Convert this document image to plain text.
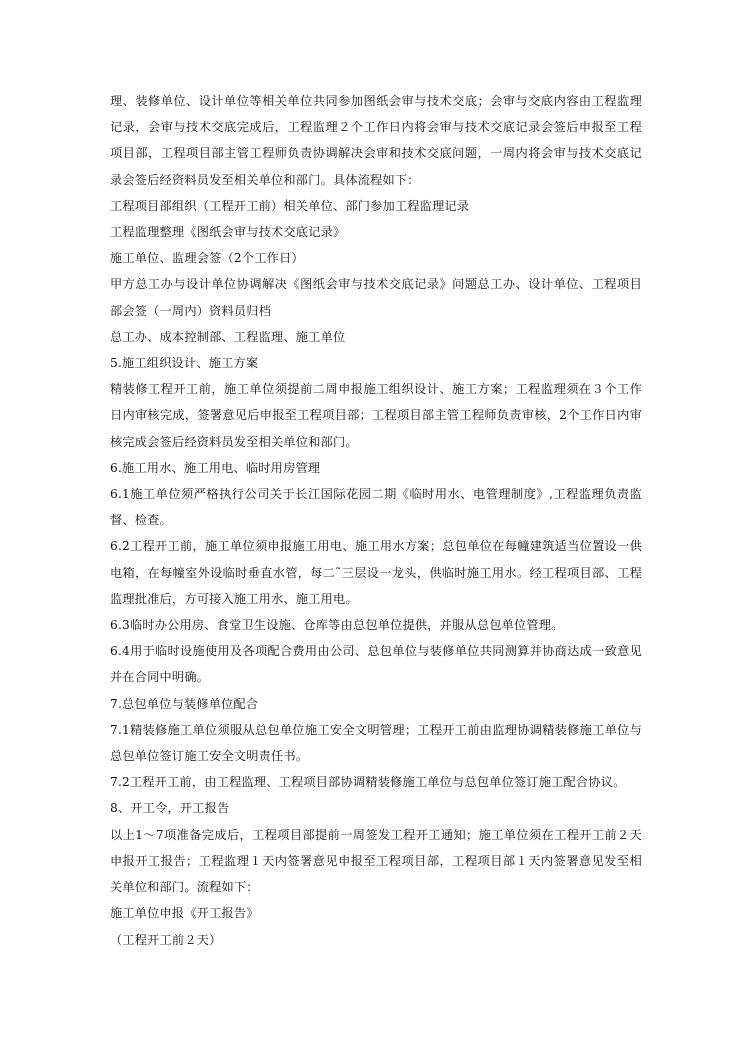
理、装修单位、设计单位等相关单位共同参加图纸会审与技术交底；会审与交底内容由工程监理记录，会审与技术交底完成后，工程监理２个工作日内将会审与技术交底记录会签后申报至工程项目部，工程项目部主管工程师负责协调解决会审和技术交底问题，一周内将会审与技术交底记录会签后经资料员发至相关单位和部门。具体流程如下：

工程项目部组织（工程开工前）相关单位、部门参加工程监理记录

工程监理整理《图纸会审与技术交底记录》

施工单位、监理会签（2个工作日）

甲方总工办与设计单位协调解决《图纸会审与技术交底记录》问题总工办、设计单位、工程项目部会签（一周内）资料员归档

总工办、成本控制部、工程监理、施工单位

5.施工组织设计、施工方案

精装修工程开工前，施工单位须提前二周申报施工组织设计、施工方案；工程监理须在３个工作日内审核完成，签署意见后申报至工程项目部；工程项目部主管工程师负责审核，2个工作日内审核完成会签后经资料员发至相关单位和部门。

6.施工用水、施工用电、临时用房管理

6.1施工单位须严格执行公司关于长江国际花园二期《临时用水、电管理制度》,工程监理负责监督、检查。

6.2工程开工前，施工单位须申报施工用电、施工用水方案；总包单位在每幢建筑适当位置设一供电箱，在每幢室外设临时垂直水管，每二˜三层设一龙头，供临时施工用水。经工程项目部、工程监理批准后，方可接入施工用水、施工用电。

6.3临时办公用房、食堂卫生设施、仓库等由总包单位提供，并服从总包单位管理。

6.4用于临时设施使用及各项配合费用由公司、总包单位与装修单位共同测算并协商达成一致意见并在合同中明确。

7.总包单位与装修单位配合

7.1精装修施工单位须服从总包单位施工安全文明管理；工程开工前由监理协调精装修施工单位与总包单位签订施工安全文明责任书。

7.2工程开工前，由工程监理、工程项目部协调精装修施工单位与总包单位签订施工配合协议。

8、开工令，开工报告

以上1～7项准备完成后，工程项目部提前一周签发工程开工通知；施工单位须在工程开工前２天申报开工报告；工程监理１天内签署意见申报至工程项目部，工程项目部１天内签署意见发至相关单位和部门。流程如下：

施工单位申报《开工报告》

（工程开工前２天）
